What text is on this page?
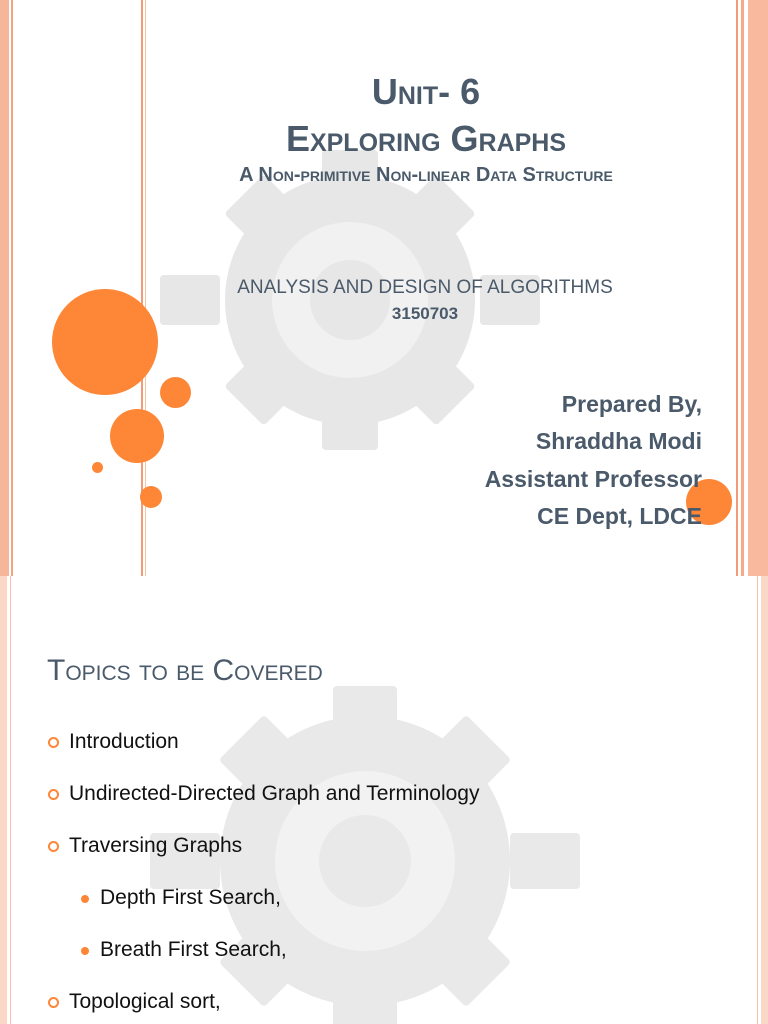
Unit- 6
Exploring Graphs
A Non-primitive Non-linear Data Structure

ANALYSIS AND DESIGN OF ALGORITHMS

3150703

Prepared By,

Shraddha Modi

Assistant Professor

CE Dept, LDCE

Topics to be Covered
Introduction
Undirected-Directed Graph and Terminology
Traversing Graphs
Depth First Search,
Breath First Search,
Topological sort,
